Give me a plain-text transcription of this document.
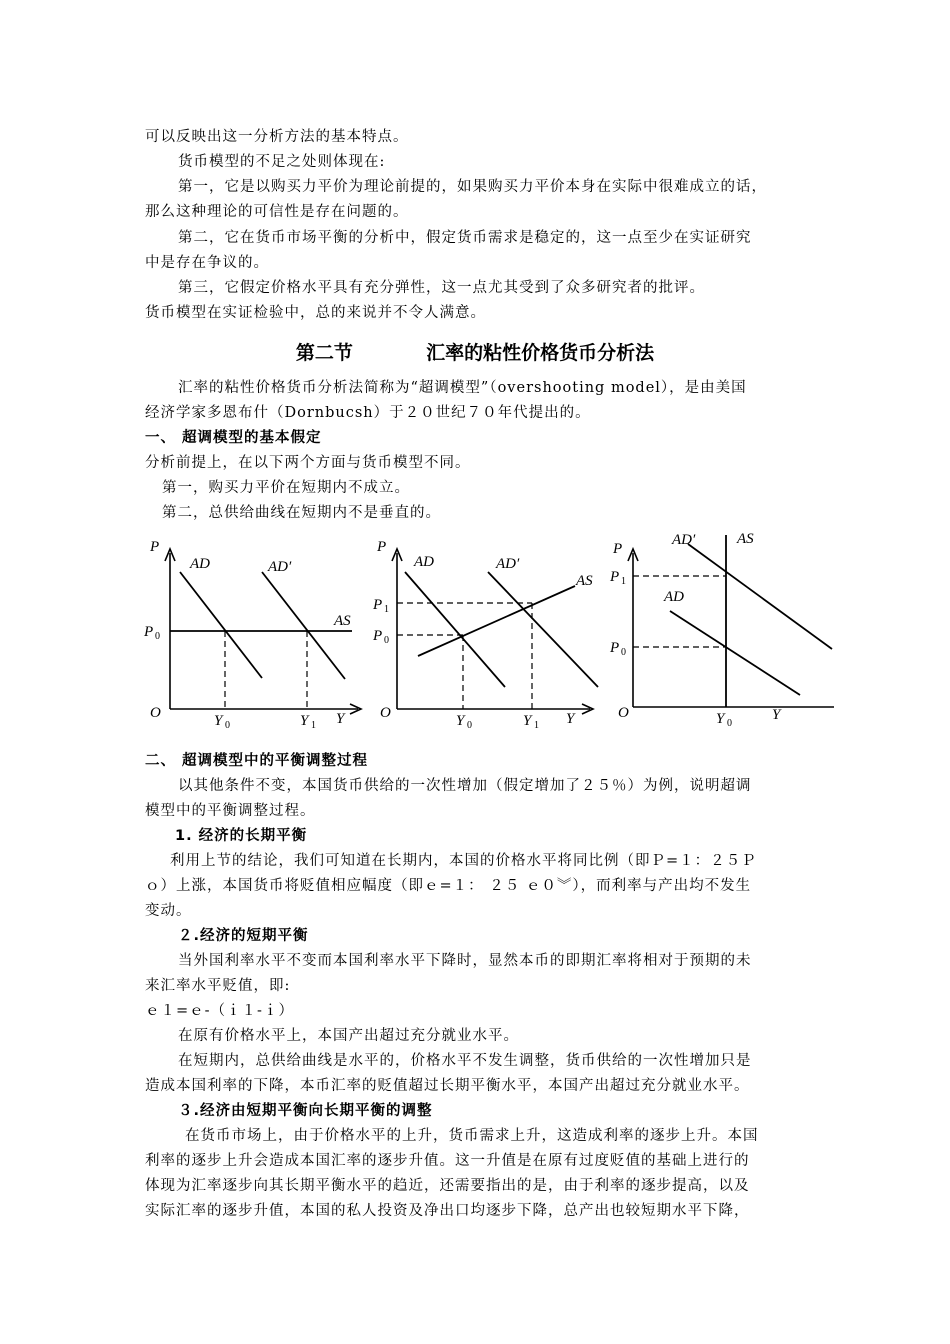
可以反映出这一分析方法的基本特点。
货币模型的不足之处则体现在:
第一，它是以购买力平价为理论前提的，如果购买力平价本身在实际中很难成立的话，
那么这种理论的可信性是存在问题的。
第二，它在货币市场平衡的分析中，假定货币需求是稳定的，这一点至少在实证研究
中是存在争议的。
第三，它假定价格水平具有充分弹性，这一点尤其受到了众多研究者的批评。
货币模型在实证检验中，总的来说并不令人满意。
第二节	汇率的粘性价格货币分析法
汇率的粘性价格货币分析法简称为“超调模型”（overshooting model），是由美国
经济学家多恩布什（Dornbucsh）于２０世纪７０年代提出的。
一、 超调模型的基本假定
分析前提上，在以下两个方面与货币模型不同。
第一，购买力平价在短期内不成立。
第二，总供给曲线在短期内不是垂直的。
P
O	Y
AD	AD′
AS
P 0
Y 0	Y 1
P
O	Y
AD	AD′
AS
P 1
P 0
Y 0	Y 1
P
O	Y
AD
AD′	AS
P 1
P 0
Y 0
二、 超调模型中的平衡调整过程
以其他条件不变，本国货币供给的一次性增加（假定增加了２５％）为例，说明超调
模型中的平衡调整过程。
1. 经济的长期平衡
利用上节的结论，我们可知道在长期内，本国的价格水平将同比例（即Ｐ=１：２５Ｐ
ｏ）上涨，本国货币将贬值相应幅度（即ｅ=１： ２５ ｅ０︾），而利率与产出均不发生
变动。
２.经济的短期平衡
当外国利率水平不变而本国利率水平下降时，显然本币的即期汇率将相对于预期的未
来汇率水平贬值，即:
ｅ１=ｅ-（ｉ１-ｉ）
在原有价格水平上，本国产出超过充分就业水平。
在短期内，总供给曲线是水平的，价格水平不发生调整，货币供给的一次性增加只是
造成本国利率的下降，本币汇率的贬值超过长期平衡水平，本国产出超过充分就业水平。
３.经济由短期平衡向长期平衡的调整
在货币市场上，由于价格水平的上升，货币需求上升，这造成利率的逐步上升。本国
利率的逐步上升会造成本国汇率的逐步升值。这一升值是在原有过度贬值的基础上进行的
体现为汇率逐步向其长期平衡水平的趋近，还需要指出的是，由于利率的逐步提高，以及
实际汇率的逐步升值，本国的私人投资及净出口均逐步下降，总产出也较短期水平下降，
